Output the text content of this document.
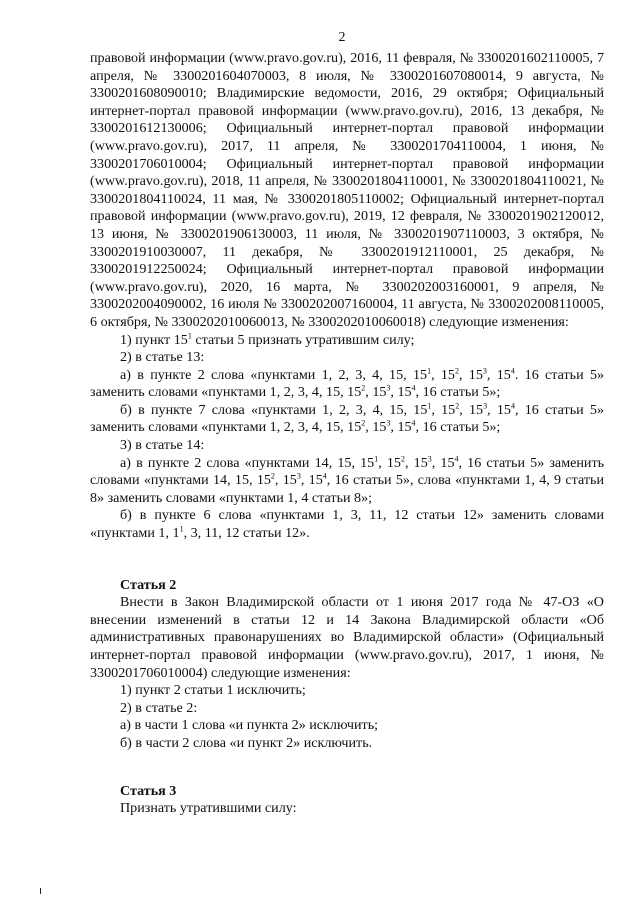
2

правовой информации (www.pravo.gov.ru), 2016, 11 февраля, № 3300201602110005, 7 апреля, № 3300201604070003, 8 июля, № 3300201607080014, 9 августа, № 3300201608090010; Владимирские ведомости, 2016, 29 октября; Официальный интернет-портал правовой информации (www.pravo.gov.ru), 2016, 13 декабря, № 3300201612130006; Официальный интернет-портал правовой информации (www.pravo.gov.ru), 2017, 11 апреля, № 3300201704110004, 1 июня, № 3300201706010004; Официальный интернет-портал правовой информации (www.pravo.gov.ru), 2018, 11 апреля, № 3300201804110001, № 3300201804110021, № 3300201804110024, 11 мая, № 3300201805110002; Официальный интернет-портал правовой информации (www.pravo.gov.ru), 2019, 12 февраля, № 3300201902120012, 13 июня, № 3300201906130003, 11 июля, № 3300201907110003, 3 октября, № 3300201910030007, 11 декабря, № 3300201912110001, 25 декабря, № 3300201912250024; Официальный интернет-портал правовой информации (www.pravo.gov.ru), 2020, 16 марта, № 3300202003160001, 9 апреля, № 3300202004090002, 16 июля № 3300202007160004, 11 августа, № 3300202008110005, 6 октября, № 3300202010060013, № 3300202010060018) следующие изменения:

1) пункт $15^1$ статьи 5 признать утратившим силу;

2) в статье 13:

а) в пункте 2 слова «пунктами 1, 2, 3, 4, 15, $15^1$, $15^2$, $15^3$, $15^4$. 16 статьи 5» заменить словами «пунктами 1, 2, 3, 4, 15, $15^2$, $15^3$, $15^4$, 16 статьи 5»;

б) в пункте 7 слова «пунктами 1, 2, 3, 4, 15, $15^1$, $15^2$, $15^3$, $15^4$, 16 статьи 5» заменить словами «пунктами 1, 2, 3, 4, 15, $15^2$, $15^3$, $15^4$, 16 статьи 5»;

3) в статье 14:

а) в пункте 2 слова «пунктами 14, 15, $15^1$, $15^2$, $15^3$, $15^4$, 16 статьи 5» заменить словами «пунктами 14, 15, $15^2$, $15^3$, $15^4$, 16 статьи 5», слова «пунктами 1, 4, 9 статьи 8» заменить словами «пунктами 1, 4 статьи 8»;

б) в пункте 6 слова «пунктами 1, 3, 11, 12 статьи 12» заменить словами «пунктами 1, $1^1$, 3, 11, 12 статьи 12».

Статья 2

Внести в Закон Владимирской области от 1 июня 2017 года № 47-ОЗ «О внесении изменений в статьи 12 и 14 Закона Владимирской области «Об административных правонарушениях во Владимирской области» (Официальный интернет-портал правовой информации (www.pravo.gov.ru), 2017, 1 июня, № 3300201706010004) следующие изменения:

1) пункт 2 статьи 1 исключить;

2) в статье 2:

а) в части 1 слова «и пункта 2» исключить;

б) в части 2 слова «и пункт 2» исключить.

Статья 3

Признать утратившими силу:
